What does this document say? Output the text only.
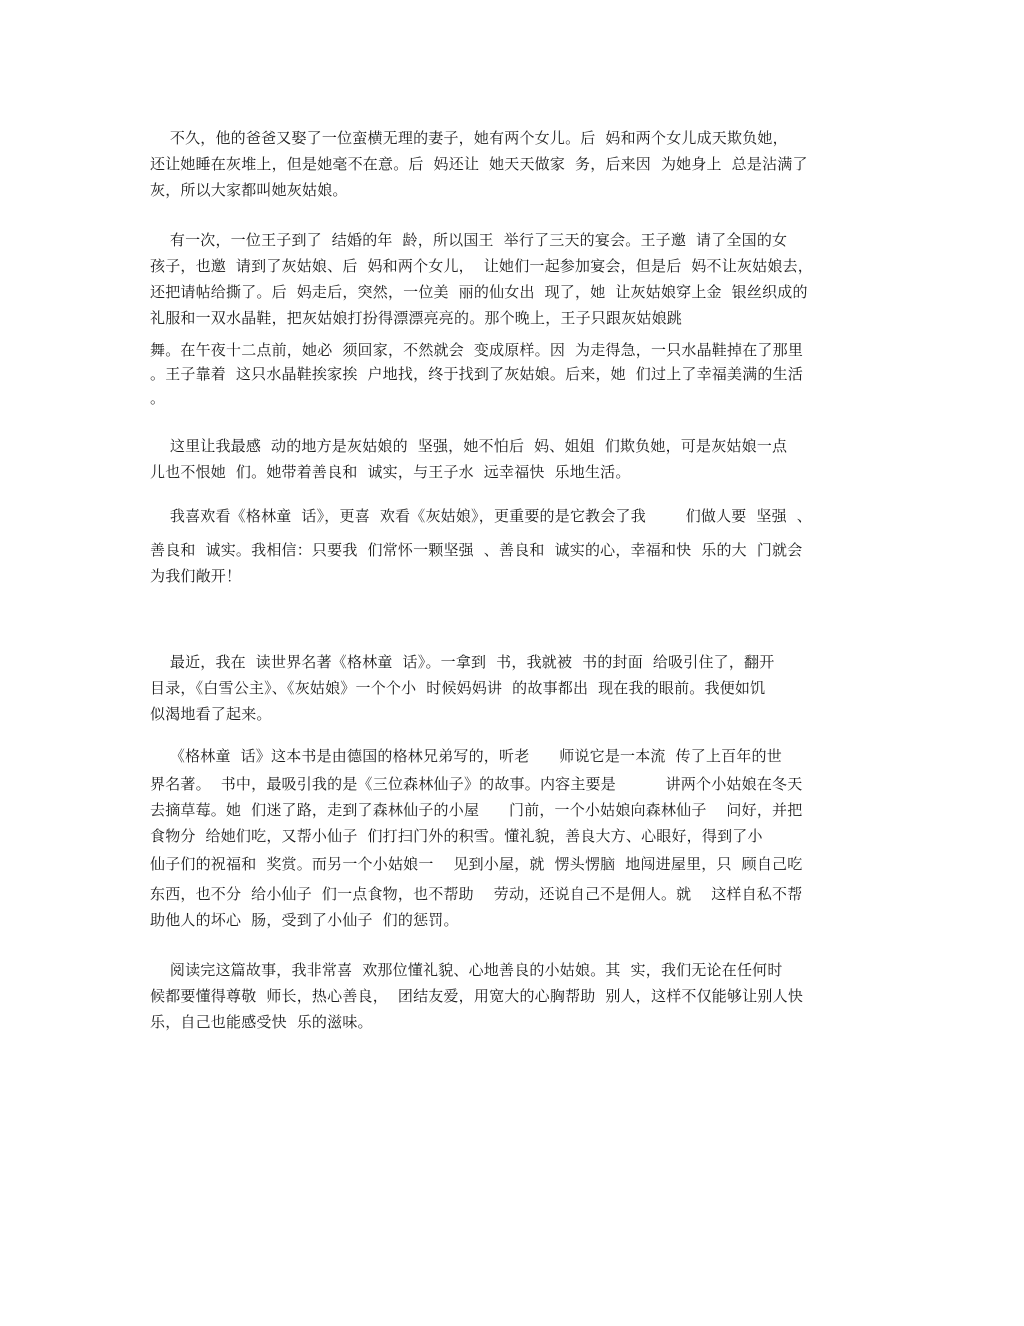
不久，他的爸爸又娶了一位蛮横无理的妻子，她有两个女儿。后  妈和两个女儿成天欺负她，
还让她睡在灰堆上，但是她毫不在意。后  妈还让  她天天做家  务，后来因  为她身上  总是沾满了
灰，所以大家都叫她灰姑娘。
有一次，一位王子到了  结婚的年  龄，所以国王  举行了三天的宴会。王子邀  请了全国的女
孩子，也邀  请到了灰姑娘、后  妈和两个女儿，  让她们一起参加宴会，但是后  妈不让灰姑娘去，
还把请帖给撕了。后  妈走后，突然，一位美  丽的仙女出  现了，她  让灰姑娘穿上金  银丝织成的
礼服和一双水晶鞋，把灰姑娘打扮得漂漂亮亮的。那个晚上，王子只跟灰姑娘跳
舞。在午夜十二点前，她必  须回家，不然就会  变成原样。因  为走得急，一只水晶鞋掉在了那里
。王子靠着  这只水晶鞋挨家挨  户地找，终于找到了灰姑娘。后来，她  们过上了幸福美满的生活
。
这里让我最感  动的地方是灰姑娘的  坚强，她不怕后  妈、姐姐  们欺负她，可是灰姑娘一点
儿也不恨她  们。她带着善良和  诚实，与王子水  远幸福快  乐地生活。
我喜欢看《格林童  话》，更喜  欢看《灰姑娘》，更重要的是它教会了我        们做人要  坚强  、
善良和  诚实。我相信：只要我  们常怀一颗坚强  、善良和  诚实的心，幸福和快  乐的大  门就会
为我们敞开！
最近，我在  读世界名著《格林童  话》。一拿到  书，我就被  书的封面  给吸引住了，翻开
目录，《白雪公主》、《灰姑娘》一个个小  时候妈妈讲  的故事都出  现在我的眼前。我便如饥
似渴地看了起来。
《格林童  话》这本书是由德国的格林兄弟写的，听老      师说它是一本流  传了上百年的世
界名著。  书中，最吸引我的是《三位森林仙子》的故事。内容主要是          讲两个小姑娘在冬天
去摘草莓。她  们迷了路，走到了森林仙子的小屋      门前，一个小姑娘向森林仙子    问好，并把
食物分  给她们吃，又帮小仙子  们打扫门外的积雪。懂礼貌，善良大方、心眼好，得到了小
仙子们的祝福和  奖赏。而另一个小姑娘一    见到小屋，就  愣头愣脑  地闯进屋里，只  顾自己吃
东西，也不分  给小仙子  们一点食物，也不帮助    劳动，还说自己不是佣人。就    这样自私不帮
助他人的坏心  肠，受到了小仙子  们的惩罚。
阅读完这篇故事，我非常喜  欢那位懂礼貌、心地善良的小姑娘。其  实，我们无论在任何时
候都要懂得尊敬  师长，热心善良，  团结友爱，用宽大的心胸帮助  别人，这样不仅能够让别人快
乐，自己也能感受快  乐的滋味。
